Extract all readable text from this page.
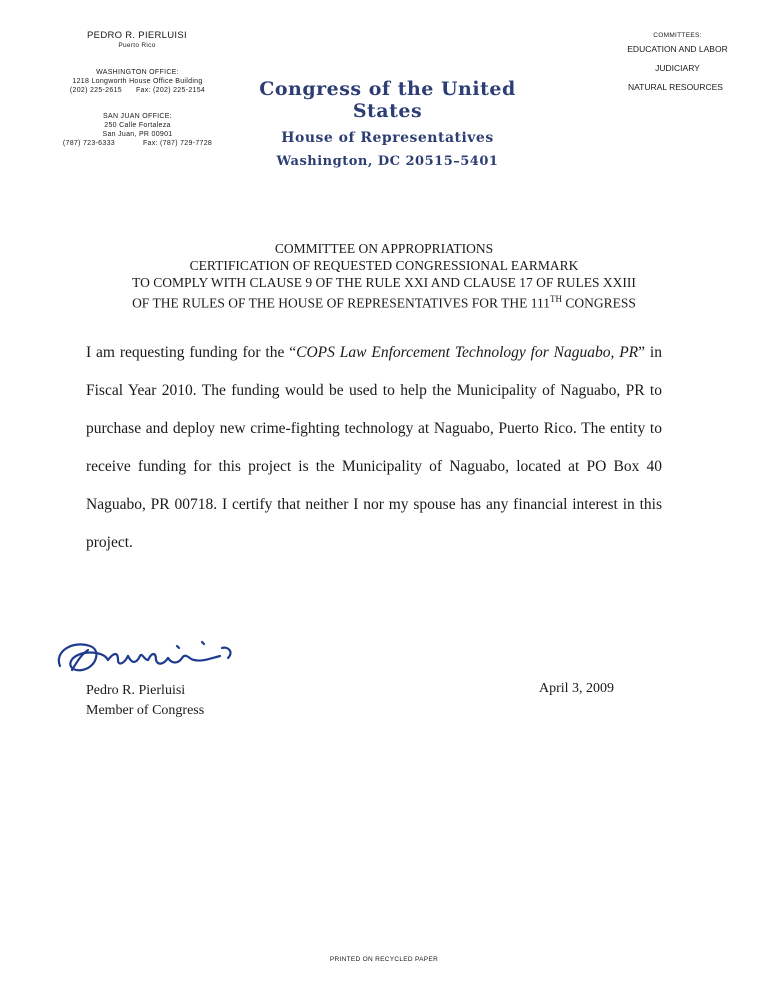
PEDRO R. PIERLUISI
Puerto Rico
WASHINGTON OFFICE:
1218 Longworth House Office Building
(202) 225-2615 Fax: (202) 225-2154
SAN JUAN OFFICE:
250 Calle Fortaleza
San Juan, PR 00901
(787) 723-6333	Fax: (787) 729-7728
Congress of the United States
House of Representatives
Washington, DC 20515–5401
COMMITTEES:
EDUCATION AND LABOR
JUDICIARY
NATURAL RESOURCES
COMMITTEE ON APPROPRIATIONS
CERTIFICATION OF REQUESTED CONGRESSIONAL EARMARK
TO COMPLY WITH CLAUSE 9 OF THE RULE XXI AND CLAUSE 17 OF RULES XXIII
OF THE RULES OF THE HOUSE OF REPRESENTATIVES FOR THE 111TH CONGRESS
I am requesting funding for the “COPS Law Enforcement Technology for Naguabo, PR” in Fiscal Year 2010. The funding would be used to help the Municipality of Naguabo, PR to purchase and deploy new crime-fighting technology at Naguabo, Puerto Rico. The entity to receive funding for this project is the Municipality of Naguabo, located at PO Box 40 Naguabo, PR 00718. I certify that neither I nor my spouse has any financial interest in this project.
Pedro R. Pierluisi
Member of Congress
April 3, 2009
PRINTED ON RECYCLED PAPER
